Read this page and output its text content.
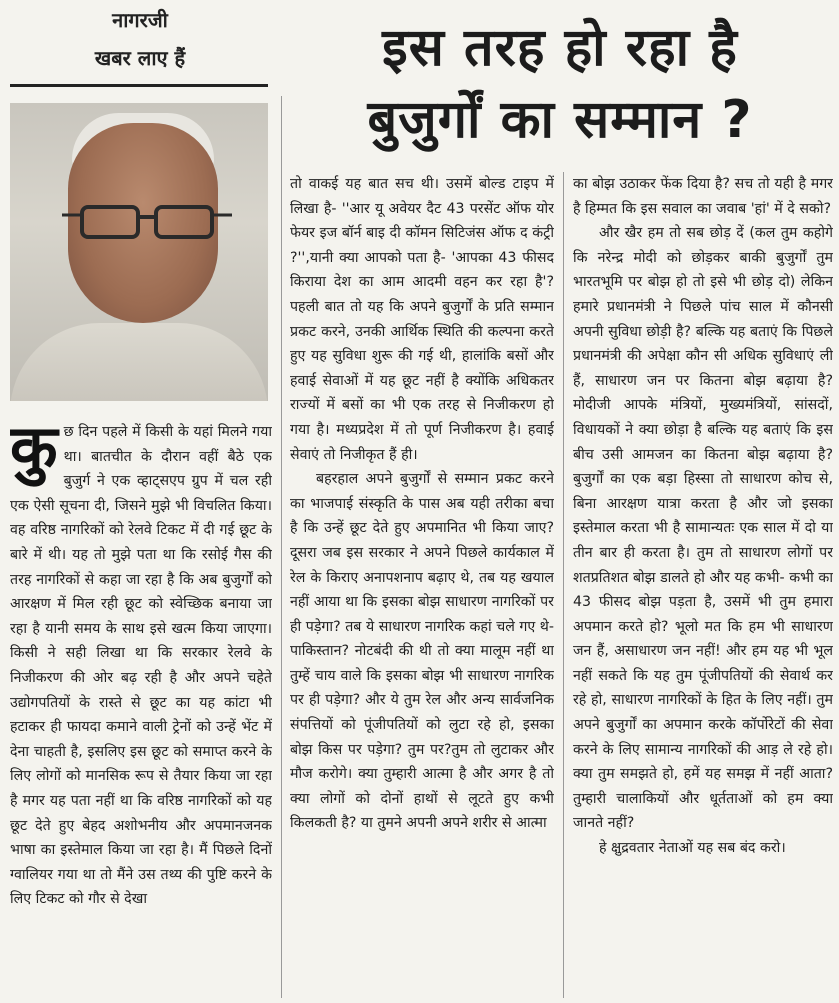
नागरजी
खबर लाए हैं	इस तरह हो रहा है
बुजुर्गों का सम्मान ?

कुछ दिन पहले में किसी के यहां मिलने गया था। बातचीत के दौरान वहीं बैठे एक बुजुर्ग ने एक व्हाट्सएप ग्रुप में चल रही एक ऐसी सूचना दी, जिसने मुझे भी विचलित किया। वह वरिष्ठ नागरिकों को रेलवे टिकट में दी गई छूट के बारे में थी। यह तो मुझे पता था कि रसोई गैस की तरह नागरिकों से कहा जा रहा है कि अब बुजुर्गों को आरक्षण में मिल रही छूट को स्वेच्छिक बनाया जा रहा है यानी समय के साथ इसे खत्म किया जाएगा। किसी ने सही लिखा था कि सरकार रेलवे के निजीकरण की ओर बढ़ रही है और अपने चहेते उद्योगपतियों के रास्ते से छूट का यह कांटा भी हटाकर ही फायदा कमाने वाली ट्रेनों को उन्हें भेंट में देना चाहती है, इसलिए इस छूट को समाप्त करने के लिए लोगों को मानसिक रूप से तैयार किया जा रहा है मगर यह पता नहीं था कि वरिष्ठ नागरिकों को यह छूट देते हुए बेहद अशोभनीय और अपमानजनक भाषा का इस्तेमाल किया जा रहा है। मैं पिछले दिनों ग्वालियर गया था तो मैंने उस तथ्य की पुष्टि करने के लिए टिकट को गौर से देखा

तो वाकई यह बात सच थी। उसमें बोल्ड टाइप में लिखा है- ''आर यू अवेयर दैट 43 परसेंट ऑफ योर फेयर इज बॉर्न बाइ दी कॉमन सिटिजंस ऑफ द कंट्री ?'',यानी क्या आपको पता है- 'आपका 43 फीसद किराया देश का आम आदमी वहन कर रहा है'? पहली बात तो यह कि अपने बुजुर्गों के प्रति सम्मान प्रकट करने, उनकी आर्थिक स्थिति की कल्पना करते हुए यह सुविधा शुरू की गई थी, हालांकि बसों और हवाई सेवाओं में यह छूट नहीं है क्योंकि अधिकतर राज्यों में बसों का भी एक तरह से निजीकरण हो गया है। मध्यप्रदेश में तो पूर्ण निजीकरण है। हवाई सेवाएं तो निजीकृत हैं ही।

बहरहाल अपने बुजुर्गों से सम्मान प्रकट करने का भाजपाई संस्कृति के पास अब यही तरीका बचा है कि उन्हें छूट देते हुए अपमानित भी किया जाए? दूसरा जब इस सरकार ने अपने पिछले कार्यकाल में रेल के किराए अनापशनाप बढ़ाए थे, तब यह खयाल नहीं आया था कि इसका बोझ साधारण नागरिकों पर ही पड़ेगा? तब ये साधारण नागरिक कहां चले गए थे- पाकिस्तान? नोटबंदी की थी तो क्या मालूम नहीं था तुम्हें चाय वाले कि इसका बोझ भी साधारण नागरिक पर ही पड़ेगा? और ये तुम रेल और अन्य सार्वजनिक संपत्तियों को पूंजीपतियों को लुटा रहे हो, इसका बोझ किस पर पड़ेगा? तुम पर?तुम तो लुटाकर और मौज करोगे। क्या तुम्हारी आत्मा है और अगर है तो क्या लोगों को दोनों हाथों से लूटते हुए कभी किलकती है? या तुमने अपनी अपने शरीर से आत्मा

का बोझ उठाकर फेंक दिया है? सच तो यही है मगर है हिम्मत कि इस सवाल का जवाब 'हां' में दे सको?

और खैर हम तो सब छोड़ दें (कल तुम कहोगे कि नरेन्द्र मोदी को छोड़कर बाकी बुजुर्गों तुम भारतभूमि पर बोझ हो तो इसे भी छोड़ दो) लेकिन हमारे प्रधानमंत्री ने पिछले पांच साल में कौनसी अपनी सुविधा छोड़ी है? बल्कि यह बताएं कि पिछले प्रधानमंत्री की अपेक्षा कौन सी अधिक सुविधाएं ली हैं, साधारण जन पर कितना बोझ बढ़ाया है? मोदीजी आपके मंत्रियों, मुख्यमंत्रियों, सांसदों, विधायकों ने क्या छोड़ा है बल्कि यह बताएं कि इस बीच उसी आमजन का कितना बोझ बढ़ाया है? बुजुर्गों का एक बड़ा हिस्सा तो साधारण कोच से, बिना आरक्षण यात्रा करता है और जो इसका इस्तेमाल करता भी है सामान्यतः एक साल में दो या तीन बार ही करता है। तुम तो साधारण लोगों पर शतप्रतिशत बोझ डालते हो और यह कभी- कभी का 43 फीसद बोझ पड़ता है, उसमें भी तुम हमारा अपमान करते हो? भूलो मत कि हम भी साधारण जन हैं, असाधारण जन नहीं! और हम यह भी भूल नहीं सकते कि यह तुम पूंजीपतियों की सेवार्थ कर रहे हो, साधारण नागरिकों के हित के लिए नहीं। तुम अपने बुजुर्गों का अपमान करके कॉर्पोरेटों की सेवा करने के लिए सामान्य नागरिकों की आड़ ले रहे हो। क्या तुम समझते हो, हमें यह समझ में नहीं आता? तुम्हारी चालाकियों और धूर्तताओं को हम क्या जानते नहीं?

हे क्षुद्रवतार नेताओं यह सब बंद करो।
